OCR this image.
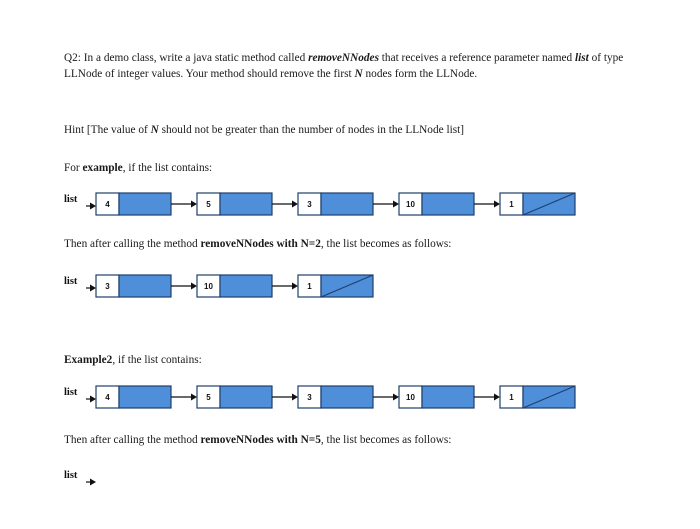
Q2: In a demo class, write a java static method called removeNNodes that receives a reference parameter named list of type LLNode of integer values. Your method should remove the first N nodes form the LLNode.
Hint [The value of N should not be greater than the number of nodes in the LLNode list]
For example, if the list contains:
list	4	5	3	10	1
Then after calling the method removeNNodes with N=2, the list becomes as follows:
list	3	10	1
Example2, if the list contains:
list	4	5	3	10	1
Then after calling the method removeNNodes with N=5, the list becomes as follows:
list
